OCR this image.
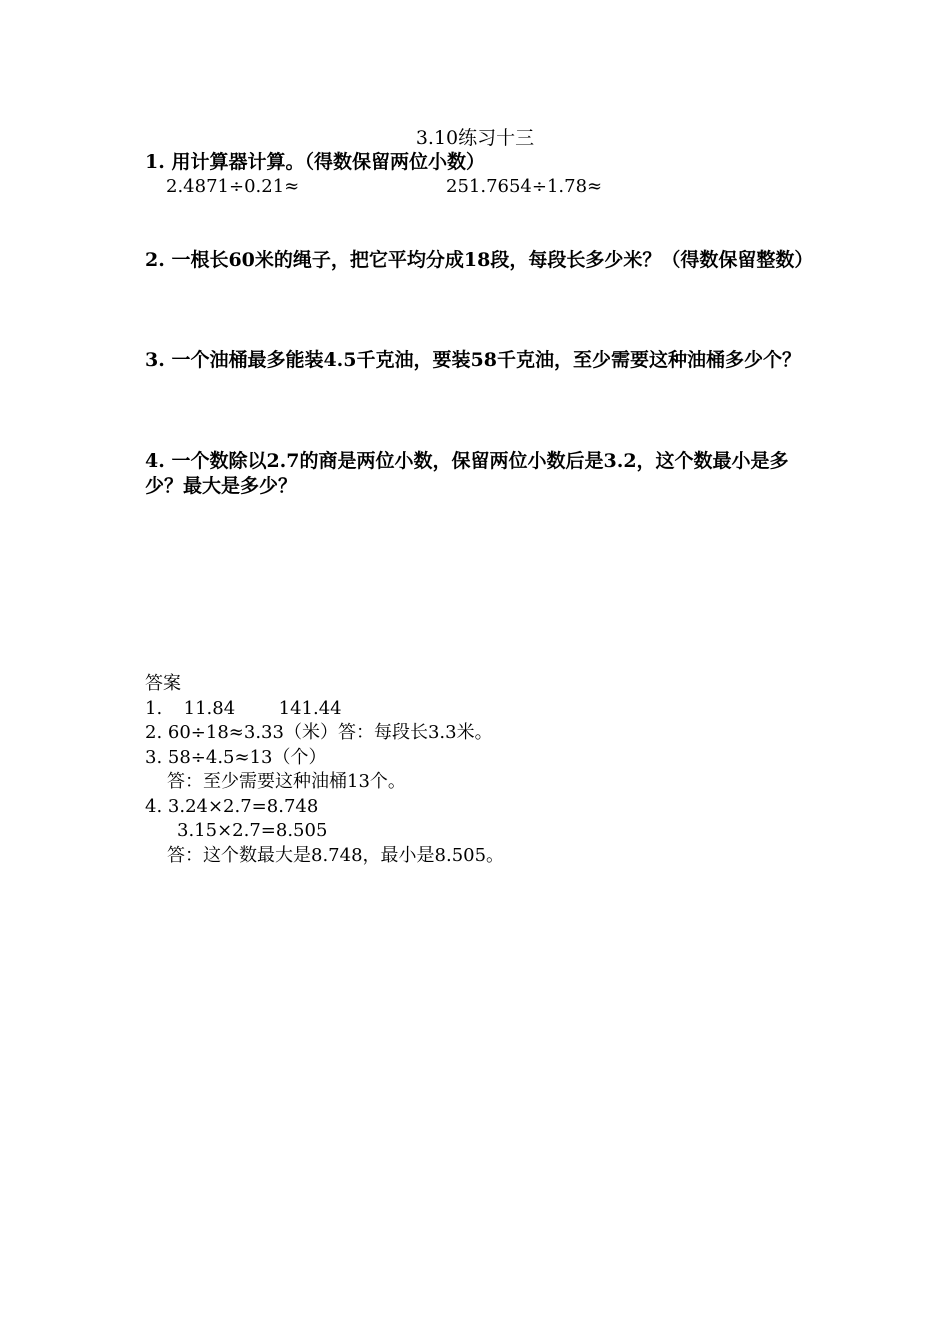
3.10练习十三
1. 用计算器计算。（得数保留两位小数）
2.4871÷0.21≈	251.7654÷1.78≈
2. 一根长60米的绳子，把它平均分成18段，每段长多少米？（得数保留整数）
3. 一个油桶最多能装4.5千克油，要装58千克油，至少需要这种油桶多少个？
4. 一个数除以2.7的商是两位小数，保留两位小数后是3.2，这个数最小是多少？最大是多少？
答案
1. 11.84 141.44
2. 60÷18≈3.33（米）答：每段长3.3米。
3. 58÷4.5≈13（个）
答：至少需要这种油桶13个。
4. 3.24×2.7=8.748
3.15×2.7=8.505
答：这个数最大是8.748，最小是8.505。
